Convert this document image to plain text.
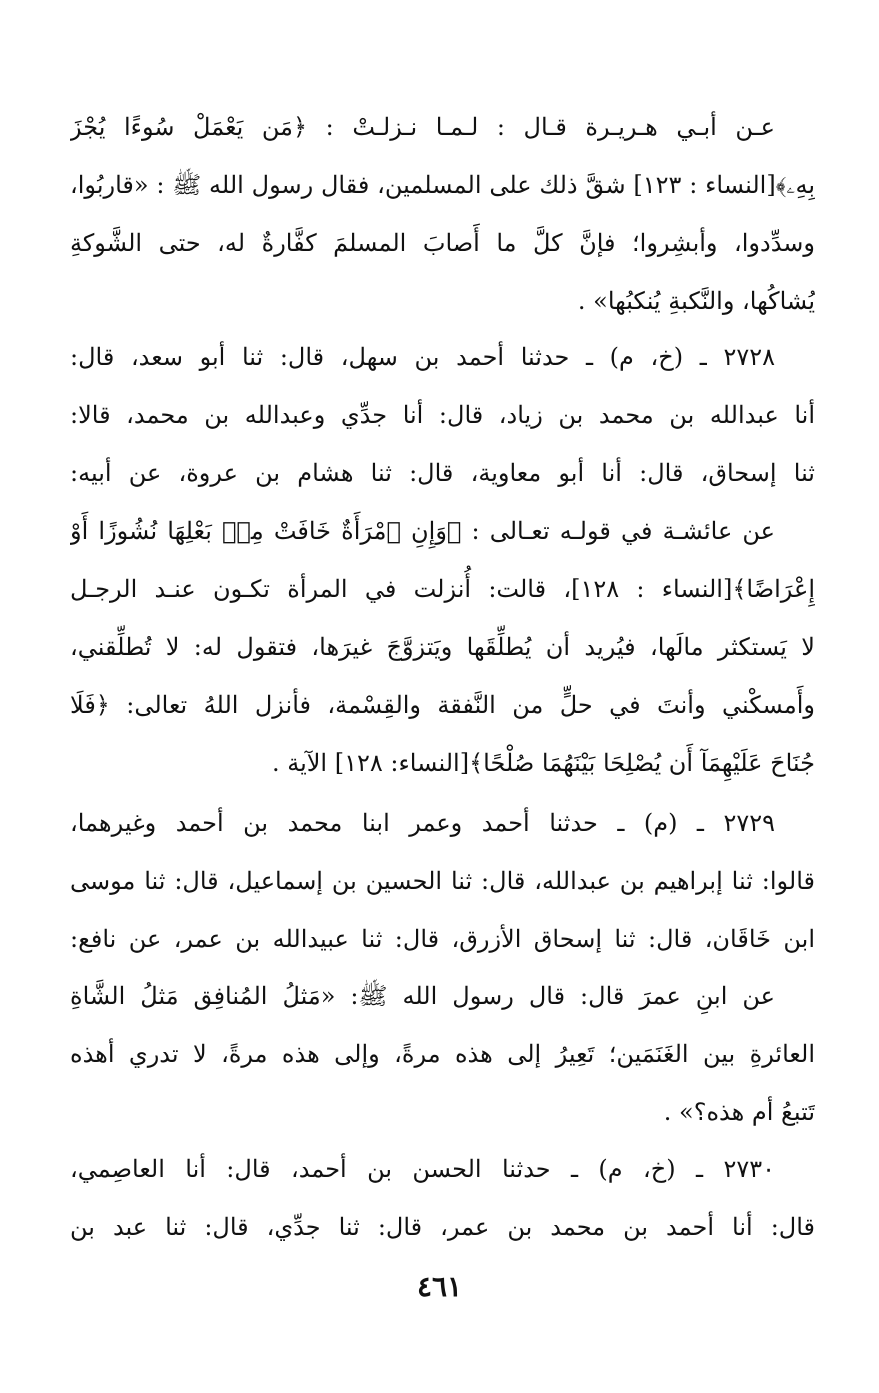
عـن أبـي هـريـرة قـال : لـمـا نـزلـتْ : ﴿مَن يَعْمَلْ سُوءًا يُجْزَ
بِهِۦ﴾[النساء : ١٢٣] شقَّ ذلك على المسلمين، فقال رسول الله ﷺ : «قاربُوا،
وسدِّدوا، وأبشِروا؛ فإنَّ كلَّ ما أَصابَ المسلمَ كفَّارةٌ له، حتى الشَّوكةِ
يُشاكُها، والنَّكبةِ يُنكبُها» .
٢٧٢٨ ـ (خ، م) ـ حدثنا أحمد بن سهل، قال: ثنا أبو سعد، قال:
أنا عبدالله بن محمد بن زياد، قال: أنا جدِّي وعبدالله بن محمد، قالا:
ثنا إسحاق، قال: أنا أبو معاوية، قال: ثنا هشام بن عروة، عن أبيه:
عن عائشـة في قولـه تعـالى : ﴿وَإِنِ ٱمْرَأَةٌ خَافَتْ مِنۢ بَعْلِهَا نُشُوزًا أَوْ
إِعْرَاضًا﴾[النساء : ١٢٨]، قالت: أُنزلت في المرأة تكـون عنـد الرجـل
لا يَستكثر مالَها، فيُريد أن يُطلِّقَها ويَتزوَّجَ غيرَها، فتقول له: لا تُطلِّقني،
وأَمسكْني وأنتَ في حلٍّ من النَّفقة والقِسْمة، فأنزل اللهُ تعالى: ﴿فَلَا
جُنَاحَ عَلَيْهِمَآ أَن يُصْلِحَا بَيْنَهُمَا صُلْحًا﴾[النساء: ١٢٨] الآية .
٢٧٢٩ ـ (م) ـ حدثنا أحمد وعمر ابنا محمد بن أحمد وغيرهما،
قالوا: ثنا إبراهيم بن عبدالله، قال: ثنا الحسين بن إسماعيل، قال: ثنا موسى
ابن خَاقَان، قال: ثنا إسحاق الأزرق، قال: ثنا عبيدالله بن عمر، عن نافع:
عن ابنِ عمرَ قال: قال رسول الله ﷺ: «مَثلُ المُنافِق مَثلُ الشَّاةِ
العائرةِ بين الغَنَمَين؛ تَعِيرُ إلى هذه مرةً، وإلى هذه مرةً، لا تدري أهذه
تَتبعُ أم هذه؟» .
٢٧٣٠ ـ (خ، م) ـ حدثنا الحسن بن أحمد، قال: أنا العاصِمي،
قال: أنا أحمد بن محمد بن عمر، قال: ثنا جدِّي، قال: ثنا عبد بن
٤٦١
